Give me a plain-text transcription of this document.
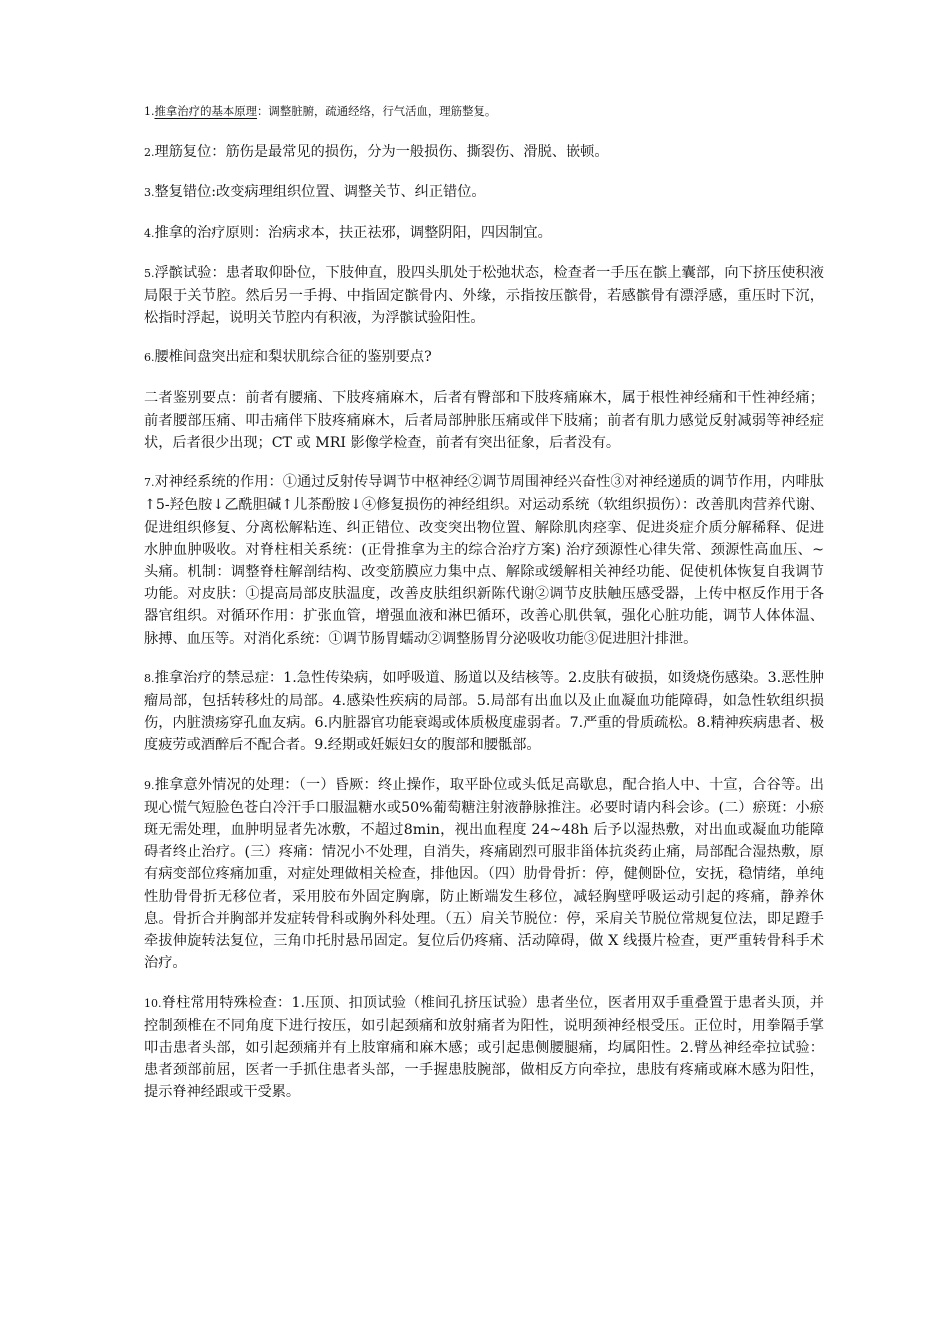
1.推拿治疗的基本原理：调整脏腑，疏通经络，行气活血，理筋整复。

2.理筋复位：筋伤是最常见的损伤，分为一般损伤、撕裂伤、滑脱、嵌顿。

3.整复错位:改变病理组织位置、调整关节、纠正错位。

4.推拿的治疗原则：治病求本，扶正祛邪，调整阴阳，四因制宜。

5.浮髌试验：患者取仰卧位，下肢伸直，股四头肌处于松弛状态，检查者一手压在髌上囊部，向下挤压使积液局限于关节腔。然后另一手拇、中指固定髌骨内、外缘，示指按压髌骨，若感髌骨有漂浮感，重压时下沉，松指时浮起，说明关节腔内有积液，为浮髌试验阳性。

6.腰椎间盘突出症和梨状肌综合征的鉴别要点?

二者鉴别要点：前者有腰痛、下肢疼痛麻木，后者有臀部和下肢疼痛麻木，属于根性神经痛和干性神经痛；前者腰部压痛、叩击痛伴下肢疼痛麻木，后者局部肿胀压痛或伴下肢痛；前者有肌力感觉反射减弱等神经症状，后者很少出现；CT 或 MRI 影像学检查，前者有突出征象，后者没有。

7.对神经系统的作用：①通过反射传导调节中枢神经②调节周围神经兴奋性③对神经递质的调节作用，内啡肽↑5-羟色胺↓乙酰胆碱↑儿茶酚胺↓④修复损伤的神经组织。对运动系统（软组织损伤）：改善肌肉营养代谢、促进组织修复、分离松解粘连、纠正错位、改变突出物位置、解除肌肉痉挛、促进炎症介质分解稀释、促进水肿血肿吸收。对脊柱相关系统：(正骨推拿为主的综合治疗方案) 治疗颈源性心律失常、颈源性高血压、~头痛。机制：调整脊柱解剖结构、改变筋膜应力集中点、解除或缓解相关神经功能、促使机体恢复自我调节功能。对皮肤：①提高局部皮肤温度，改善皮肤组织新陈代谢②调节皮肤触压感受器，上传中枢反作用于各器官组织。对循环作用：扩张血管，增强血液和淋巴循环，改善心肌供氧，强化心脏功能，调节人体体温、脉搏、血压等。对消化系统：①调节肠胃蠕动②调整肠胃分泌吸收功能③促进胆汁排泄。

8.推拿治疗的禁忌症：1.急性传染病，如呼吸道、肠道以及结核等。2.皮肤有破损，如烫烧伤感染。3.恶性肿瘤局部，包括转移灶的局部。4.感染性疾病的局部。5.局部有出血以及止血凝血功能障碍，如急性软组织损伤，内脏溃疡穿孔血友病。6.内脏器官功能衰竭或体质极度虚弱者。7.严重的骨质疏松。8.精神疾病患者、极度疲劳或酒醉后不配合者。9.经期或妊娠妇女的腹部和腰骶部。

9.推拿意外情况的处理：（一）昏厥：终止操作，取平卧位或头低足高歇息，配合掐人中、十宣，合谷等。出现心慌气短脸色苍白冷汗手口服温糖水或50%葡萄糖注射液静脉推注。必要时请内科会诊。(二）瘀斑：小瘀斑无需处理，血肿明显者先冰敷，不超过8min，视出血程度 24~48h 后予以湿热敷，对出血或凝血功能障碍者终止治疗。(三）疼痛：情况小不处理，自消失，疼痛剧烈可服非甾体抗炎药止痛，局部配合湿热敷，原有病变部位疼痛加重，对症处理做相关检查，排他因。（四）肋骨骨折：停，健侧卧位，安抚，稳情绪，单纯性肋骨骨折无移位者，采用胶布外固定胸廓，防止断端发生移位，减轻胸壁呼吸运动引起的疼痛，静养休息。骨折合并胸部并发症转骨科或胸外科处理。（五）肩关节脱位：停，采肩关节脱位常规复位法，即足蹬手牵拔伸旋转法复位，三角巾托肘悬吊固定。复位后仍疼痛、活动障碍，做 X 线摄片检查，更严重转骨科手术治疗。

10.脊柱常用特殊检查：1.压顶、扣顶试验（椎间孔挤压试验）患者坐位，医者用双手重叠置于患者头顶，并控制颈椎在不同角度下进行按压，如引起颈痛和放射痛者为阳性，说明颈神经根受压。正位时，用拳隔手掌叩击患者头部，如引起颈痛并有上肢窜痛和麻木感；或引起患侧腰腿痛，均属阳性。2.臂丛神经牵拉试验：患者颈部前屈，医者一手抓住患者头部，一手握患肢腕部，做相反方向牵拉，患肢有疼痛或麻木感为阳性，提示脊神经跟或干受累。
